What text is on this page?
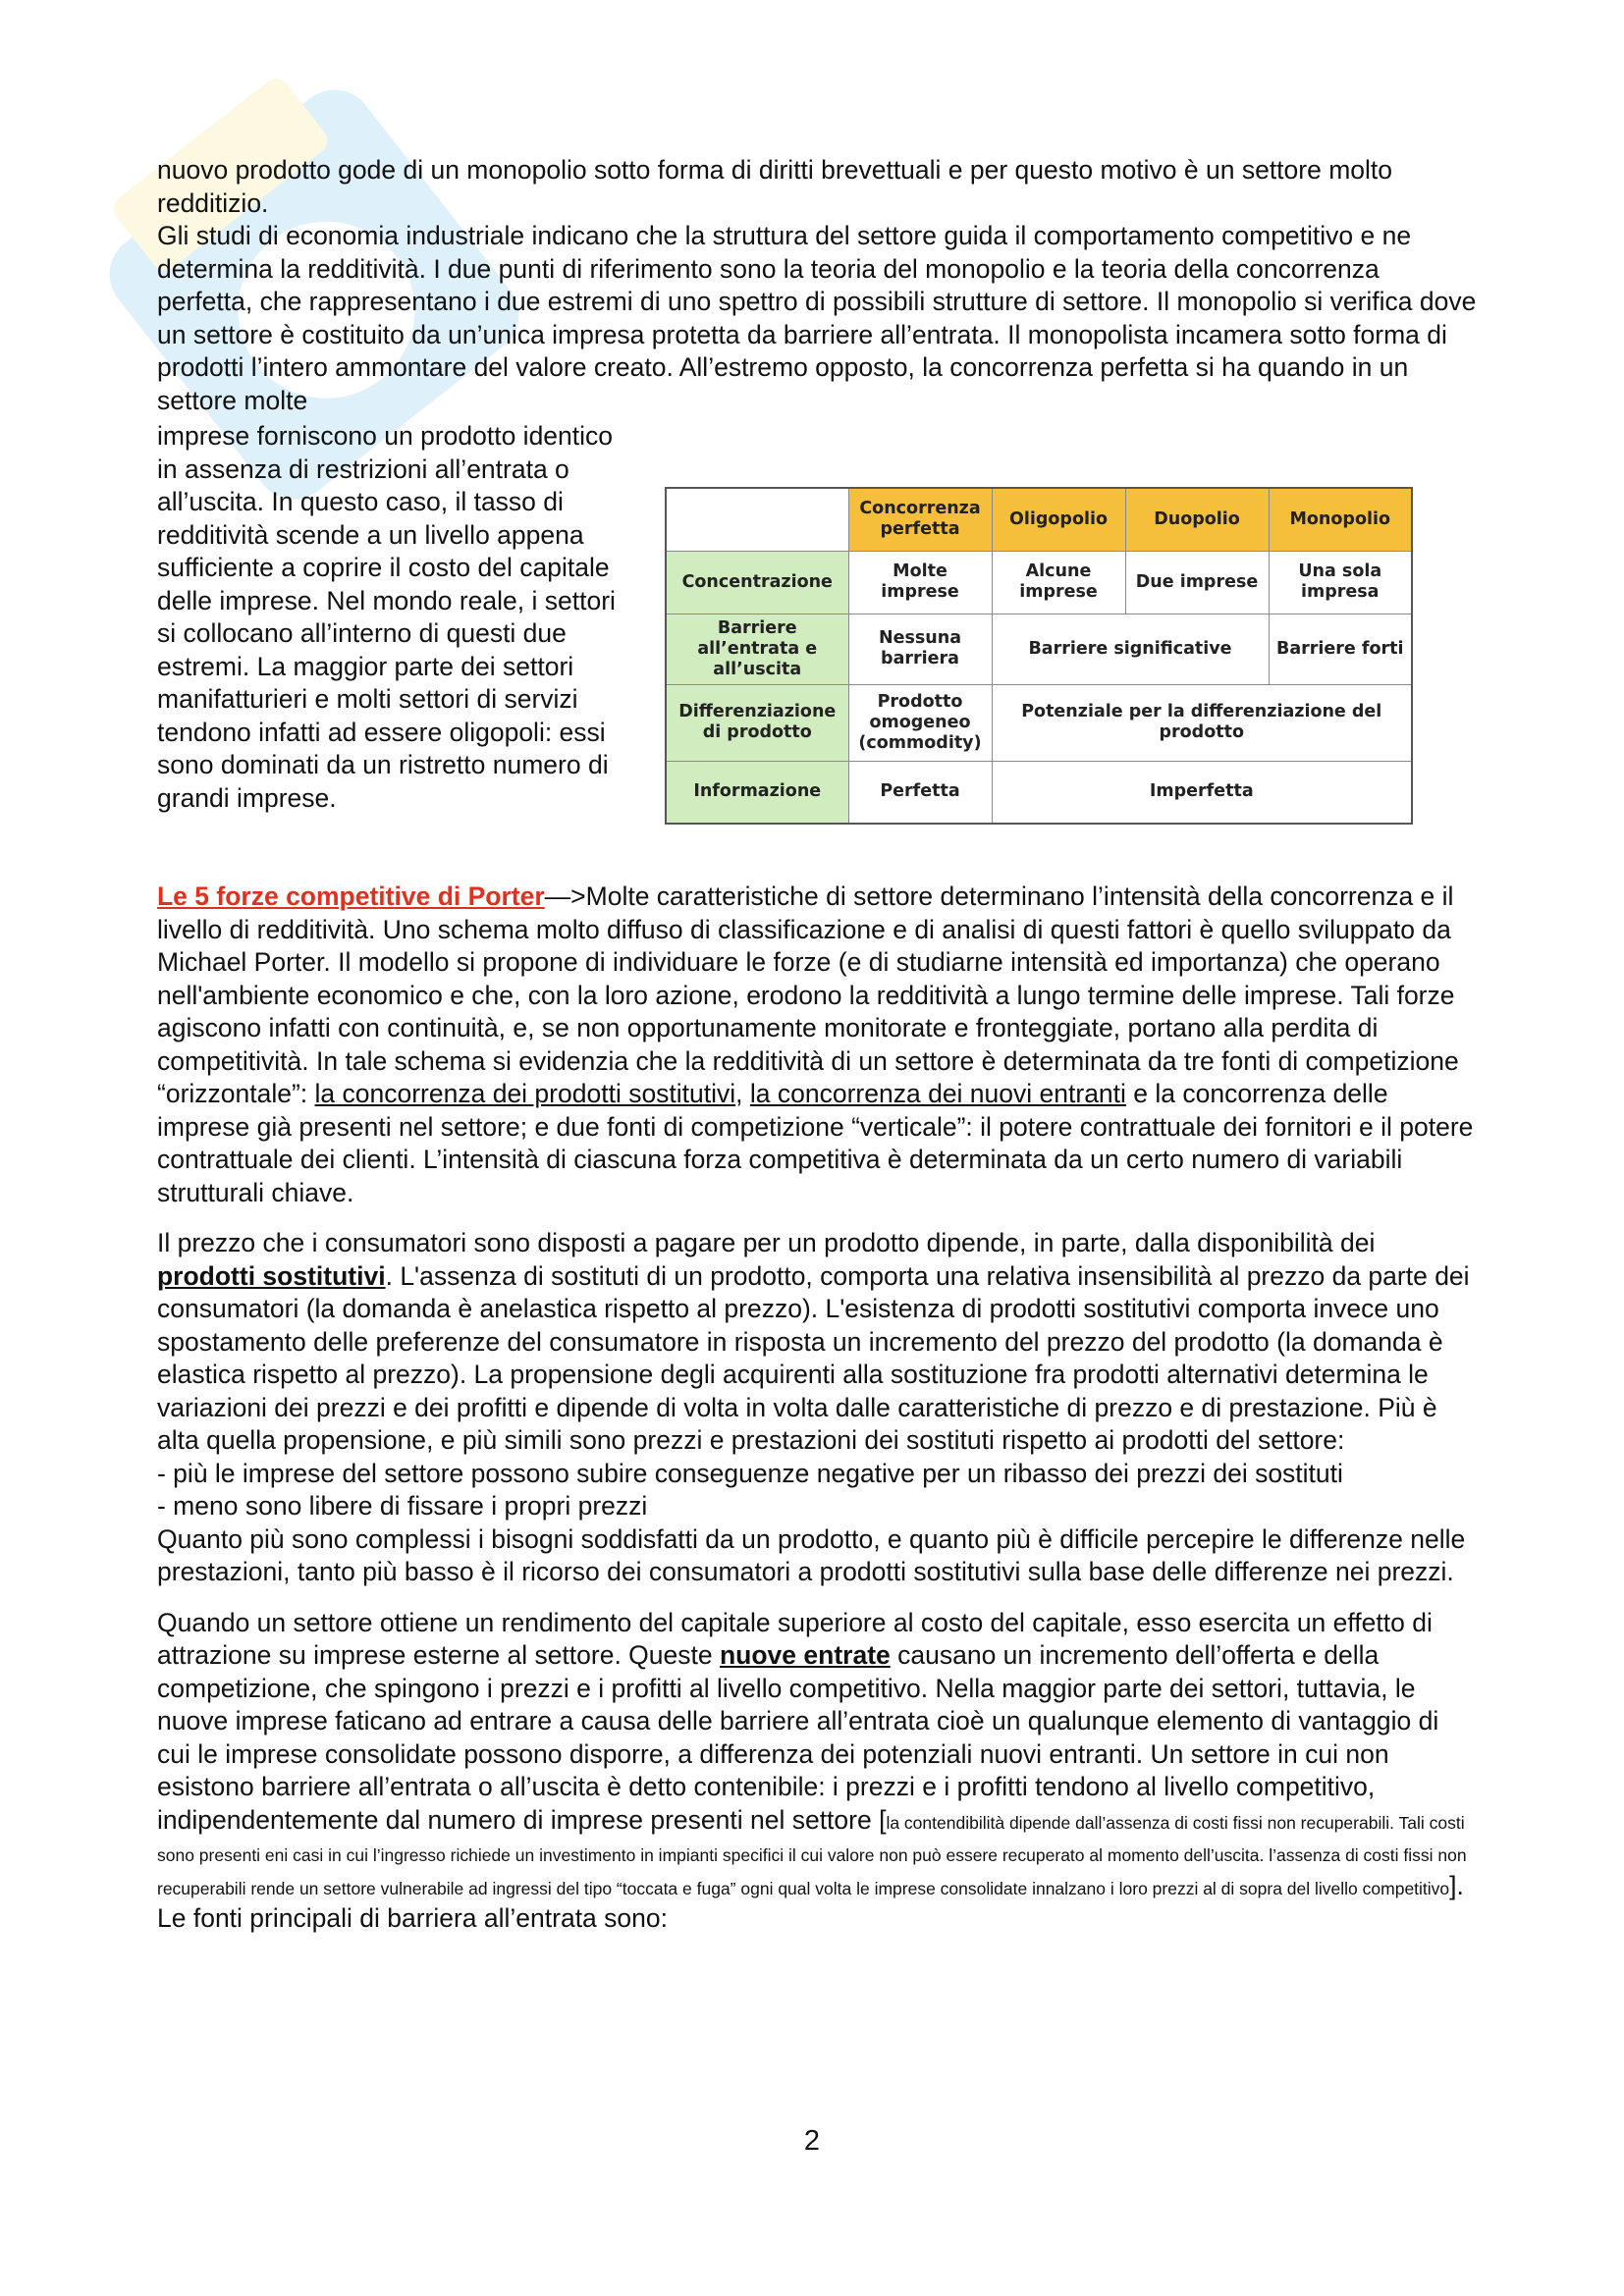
nuovo prodotto gode di un monopolio sotto forma di diritti brevettuali e per questo motivo è un settore molto redditizio.

Gli studi di economia industriale indicano che la struttura del settore guida il comportamento competitivo e ne determina la redditività. I due punti di riferimento sono la teoria del monopolio e la teoria della concorrenza perfetta, che rappresentano i due estremi di uno spettro di possibili strutture di settore. Il monopolio si verifica dove un settore è costituito da un’unica impresa protetta da barriere all’entrata. Il monopolista incamera sotto forma di prodotti l’intero ammontare del valore creato. All’estremo opposto, la concorrenza perfetta si ha quando in un settore molte

imprese forniscono un prodotto identico in assenza di restrizioni all’entrata o all’uscita. In questo caso, il tasso di redditività scende a un livello appena sufficiente a coprire il costo del capitale delle imprese. Nel mondo reale, i settori si collocano all’interno di questi due estremi. La maggior parte dei settori manifatturieri e molti settori di servizi tendono infatti ad essere oligopoli: essi sono dominati da un ristretto numero di grandi imprese.

	Concorrenza perfetta	Oligopolio	Duopolio	Monopolio
Concentrazione	Molte imprese	Alcune imprese	Due imprese	Una sola impresa
Barriere all’entrata e all’uscita	Nessuna barriera	Barriere significative		Barriere forti
Differenziazione di prodotto	Prodotto omogeneo (commodity)	Potenziale per la differenziazione del prodotto		
Informazione	Perfetta	Imperfetta		

Le 5 forze competitive di Porter—>Molte caratteristiche di settore determinano l’intensità della concorrenza e il livello di redditività. Uno schema molto diffuso di classificazione e di analisi di questi fattori è quello sviluppato da Michael Porter. Il modello si propone di individuare le forze (e di studiarne intensità ed importanza) che operano nell'ambiente economico e che, con la loro azione, erodono la redditività a lungo termine delle imprese. Tali forze agiscono infatti con continuità, e, se non opportunamente monitorate e fronteggiate, portano alla perdita di competitività. In tale schema si evidenzia che la redditività di un settore è determinata da tre fonti di competizione “orizzontale”: la concorrenza dei prodotti sostitutivi, la concorrenza dei nuovi entranti e la concorrenza delle imprese già presenti nel settore; e due fonti di competizione “verticale”: il potere contrattuale dei fornitori e il potere contrattuale dei clienti. L’intensità di ciascuna forza competitiva è determinata da un certo numero di variabili strutturali chiave.

Il prezzo che i consumatori sono disposti a pagare per un prodotto dipende, in parte, dalla disponibilità dei prodotti sostitutivi. L'assenza di sostituti di un prodotto, comporta una relativa insensibilità al prezzo da parte dei consumatori (la domanda è anelastica rispetto al prezzo). L'esistenza di prodotti sostitutivi comporta invece uno spostamento delle preferenze del consumatore in risposta un incremento del prezzo del prodotto (la domanda è elastica rispetto al prezzo). La propensione degli acquirenti alla sostituzione fra prodotti alternativi determina le variazioni dei prezzi e dei profitti e dipende di volta in volta dalle caratteristiche di prezzo e di prestazione. Più è alta quella propensione, e più simili sono prezzi e prestazioni dei sostituti rispetto ai prodotti del settore:

- più le imprese del settore possono subire conseguenze negative per un ribasso dei prezzi dei sostituti

- meno sono libere di fissare i propri prezzi

Quanto più sono complessi i bisogni soddisfatti da un prodotto, e quanto più è difficile percepire le differenze nelle prestazioni, tanto più basso è il ricorso dei consumatori a prodotti sostitutivi sulla base delle differenze nei prezzi.

Quando un settore ottiene un rendimento del capitale superiore al costo del capitale, esso esercita un effetto di attrazione su imprese esterne al settore. Queste nuove entrate causano un incremento dell’offerta e della competizione, che spingono i prezzi e i profitti al livello competitivo. Nella maggior parte dei settori, tuttavia, le nuove imprese faticano ad entrare a causa delle barriere all’entrata cioè un qualunque elemento di vantaggio di cui le imprese consolidate possono disporre, a differenza dei potenziali nuovi entranti. Un settore in cui non esistono barriere all’entrata o all’uscita è detto contenibile: i prezzi e i profitti tendono al livello competitivo, indipendentemente dal numero di imprese presenti nel settore [la contendibilità dipende dall’assenza di costi fissi non recuperabili. Tali costi sono presenti eni casi in cui l’ingresso richiede un investimento in impianti specifici il cui valore non può essere recuperato al momento dell’uscita. l’assenza di costi fissi non recuperabili rende un settore vulnerabile ad ingressi del tipo “toccata e fuga” ogni qual volta le imprese consolidate innalzano i loro prezzi al di sopra del livello competitivo]. Le fonti principali di barriera all’entrata sono:

2
